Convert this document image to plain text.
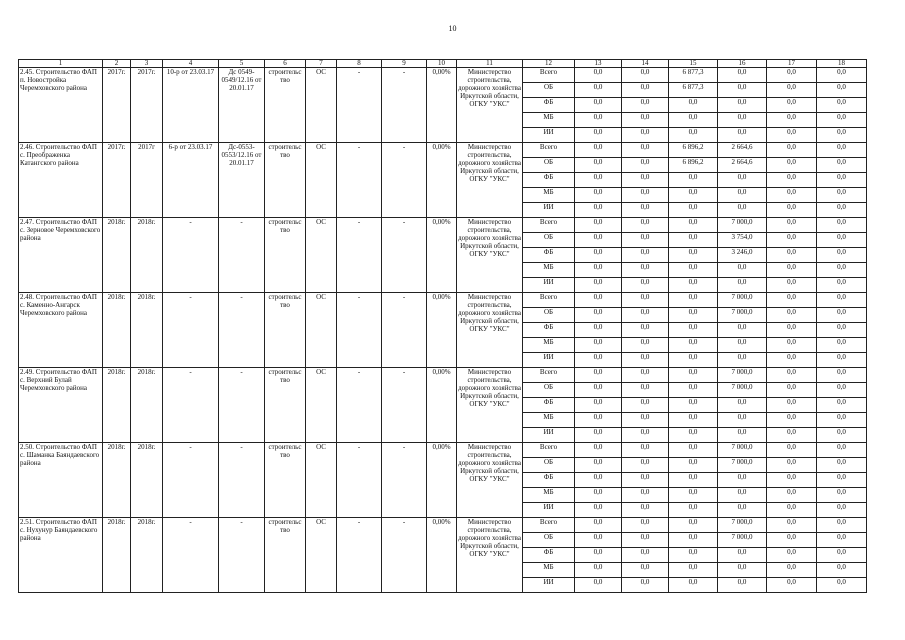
10
1	2	3	4	5	6	7	8	9	10	11	12	13	14	15	16	17	18
2.45. Строительство ФАП п. Новостройка Черемховского района	2017г.	2017г.	10-р от 23.03.17	Дс 0549-0549/12.16 от 20.01.17	строительс тво	ОС	-	-	0,00%	Министерство строительства, дорожного хозяйства Иркутской области, ОГКУ "УКС"	Всего	0,0	0,0	6 877,3	0,0	0,0	0,0
											ОБ	0,0	0,0	6 877,3	0,0	0,0	0,0
											ФБ	0,0	0,0	0,0	0,0	0,0	0,0
											МБ	0,0	0,0	0,0	0,0	0,0	0,0
											ИИ	0,0	0,0	0,0	0,0	0,0	0,0
2.46. Строительство ФАП с. Преображенка Катангского района	2017г.	2017г	6-р от 23.03.17	Дс-0553-0553/12.16 от 20.01.17	строительс тво	ОС	-	-	0,00%	Министерство строительства, дорожного хозяйства Иркутской области, ОГКУ "УКС"	Всего	0,0	0,0	6 896,2	2 664,6	0,0	0,0
											ОБ	0,0	0,0	6 896,2	2 664,6	0,0	0,0
											ФБ	0,0	0,0	0,0	0,0	0,0	0,0
											МБ	0,0	0,0	0,0	0,0	0,0	0,0
											ИИ	0,0	0,0	0,0	0,0	0,0	0,0
2.47. Строительство ФАП с. Зерновое Черемховского района	2018г.	2018г.	-	-	строительс тво	ОС	-	-	0,00%	Министерство строительства, дорожного хозяйства Иркутской области, ОГКУ "УКС"	Всего	0,0	0,0	0,0	7 000,0	0,0	0,0
											ОБ	0,0	0,0	0,0	3 754,0	0,0	0,0
											ФБ	0,0	0,0	0,0	3 246,0	0,0	0,0
											МБ	0,0	0,0	0,0	0,0	0,0	0,0
											ИИ	0,0	0,0	0,0	0,0	0,0	0,0
2.48. Строительство ФАП с. Каменно-Ангарск Черемховского района	2018г.	2018г.	-	-	строительс тво	ОС	-	-	0,00%	Министерство строительства, дорожного хозяйства Иркутской области, ОГКУ "УКС"	Всего	0,0	0,0	0,0	7 000,0	0,0	0,0
											ОБ	0,0	0,0	0,0	7 000,0	0,0	0,0
											ФБ	0,0	0,0	0,0	0,0	0,0	0,0
											МБ	0,0	0,0	0,0	0,0	0,0	0,0
											ИИ	0,0	0,0	0,0	0,0	0,0	0,0
2.49. Строительство ФАП с. Верхний Булай Черемховского района	2018г.	2018г.	-	-	строительс тво	ОС	-	-	0,00%	Министерство строительства, дорожного хозяйства Иркутской области, ОГКУ "УКС"	Всего	0,0	0,0	0,0	7 000,0	0,0	0,0
											ОБ	0,0	0,0	0,0	7 000,0	0,0	0,0
											ФБ	0,0	0,0	0,0	0,0	0,0	0,0
											МБ	0,0	0,0	0,0	0,0	0,0	0,0
											ИИ	0,0	0,0	0,0	0,0	0,0	0,0
2.50. Строительство ФАП с. Шаманка Баяндаевского района	2018г.	2018г.	-	-	строительс тво	ОС	-	-	0,00%	Министерство строительства, дорожного хозяйства Иркутской области, ОГКУ "УКС"	Всего	0,0	0,0	0,0	7 000,0	0,0	0,0
											ОБ	0,0	0,0	0,0	7 000,0	0,0	0,0
											ФБ	0,0	0,0	0,0	0,0	0,0	0,0
											МБ	0,0	0,0	0,0	0,0	0,0	0,0
											ИИ	0,0	0,0	0,0	0,0	0,0	0,0
2.51. Строительство ФАП с. Нухунур Баяндаевского района	2018г.	2018г.	-	-	строительс тво	ОС	-	-	0,00%	Министерство строительства, дорожного хозяйства Иркутской области, ОГКУ "УКС"	Всего	0,0	0,0	0,0	7 000,0	0,0	0,0
											ОБ	0,0	0,0	0,0	7 000,0	0,0	0,0
											ФБ	0,0	0,0	0,0	0,0	0,0	0,0
											МБ	0,0	0,0	0,0	0,0	0,0	0,0
											ИИ	0,0	0,0	0,0	0,0	0,0	0,0
